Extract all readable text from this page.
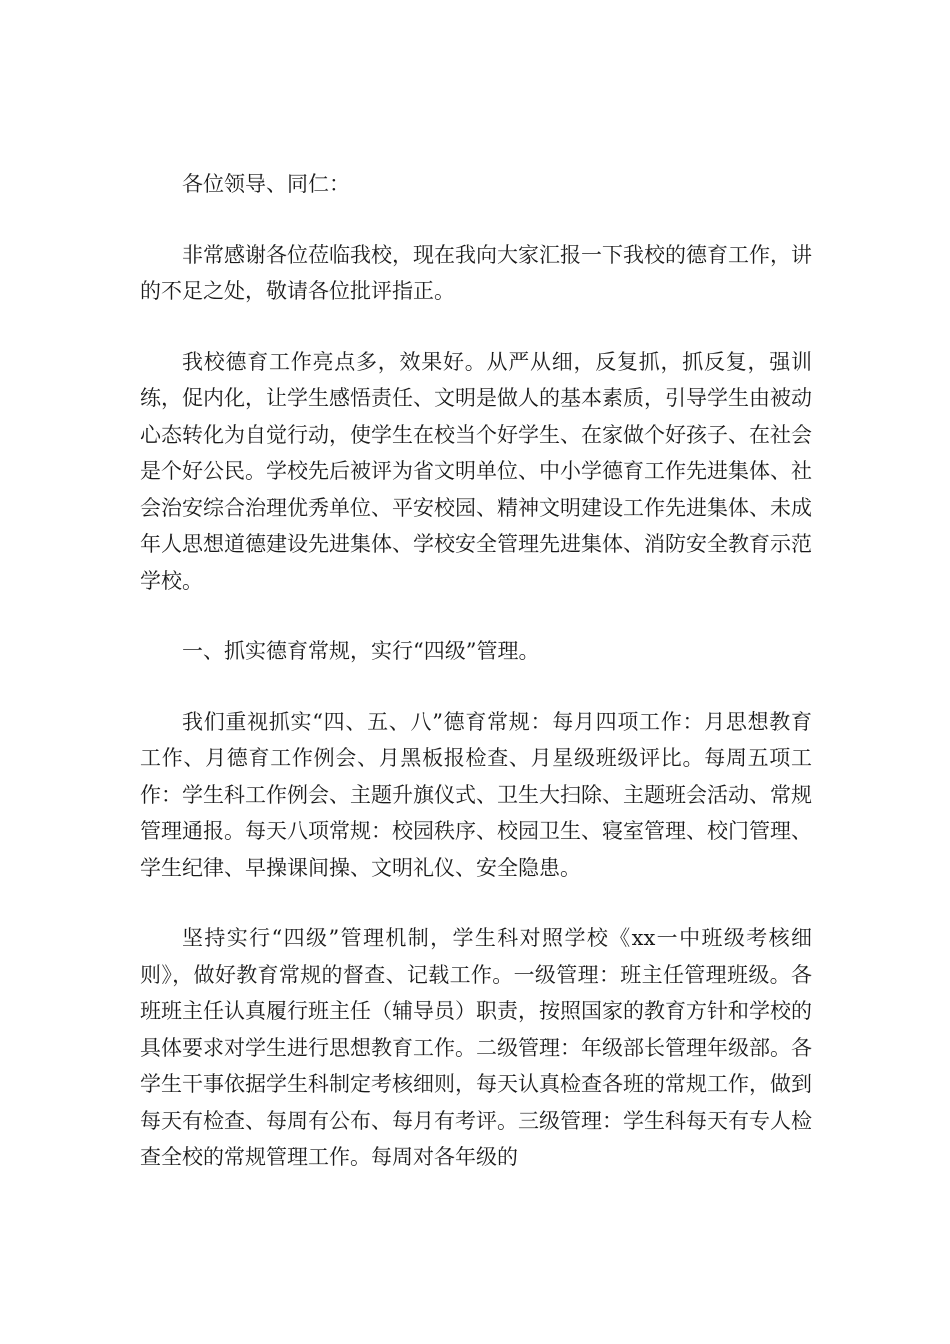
各位领导、同仁：

非常感谢各位莅临我校，现在我向大家汇报一下我校的德育工作，讲的不足之处，敬请各位批评指正。

我校德育工作亮点多，效果好。从严从细，反复抓，抓反复，强训练，促内化，让学生感悟责任、文明是做人的基本素质，引导学生由被动心态转化为自觉行动，使学生在校当个好学生、在家做个好孩子、在社会是个好公民。学校先后被评为省文明单位、中小学德育工作先进集体、社会治安综合治理优秀单位、平安校园、精神文明建设工作先进集体、未成年人思想道德建设先进集体、学校安全管理先进集体、消防安全教育示范学校。

一、抓实德育常规，实行“四级”管理。

我们重视抓实“四、五、八”德育常规：每月四项工作：月思想教育工作、月德育工作例会、月黑板报检查、月星级班级评比。每周五项工作：学生科工作例会、主题升旗仪式、卫生大扫除、主题班会活动、常规管理通报。每天八项常规：校园秩序、校园卫生、寝室管理、校门管理、学生纪律、早操课间操、文明礼仪、安全隐患。

坚持实行“四级”管理机制，学生科对照学校《xx一中班级考核细则》，做好教育常规的督查、记载工作。一级管理：班主任管理班级。各班班主任认真履行班主任（辅导员）职责，按照国家的教育方针和学校的具体要求对学生进行思想教育工作。二级管理：年级部长管理年级部。各学生干事依据学生科制定考核细则，每天认真检查各班的常规工作，做到每天有检查、每周有公布、每月有考评。三级管理：学生科每天有专人检查全校的常规管理工作。每周对各年级的
